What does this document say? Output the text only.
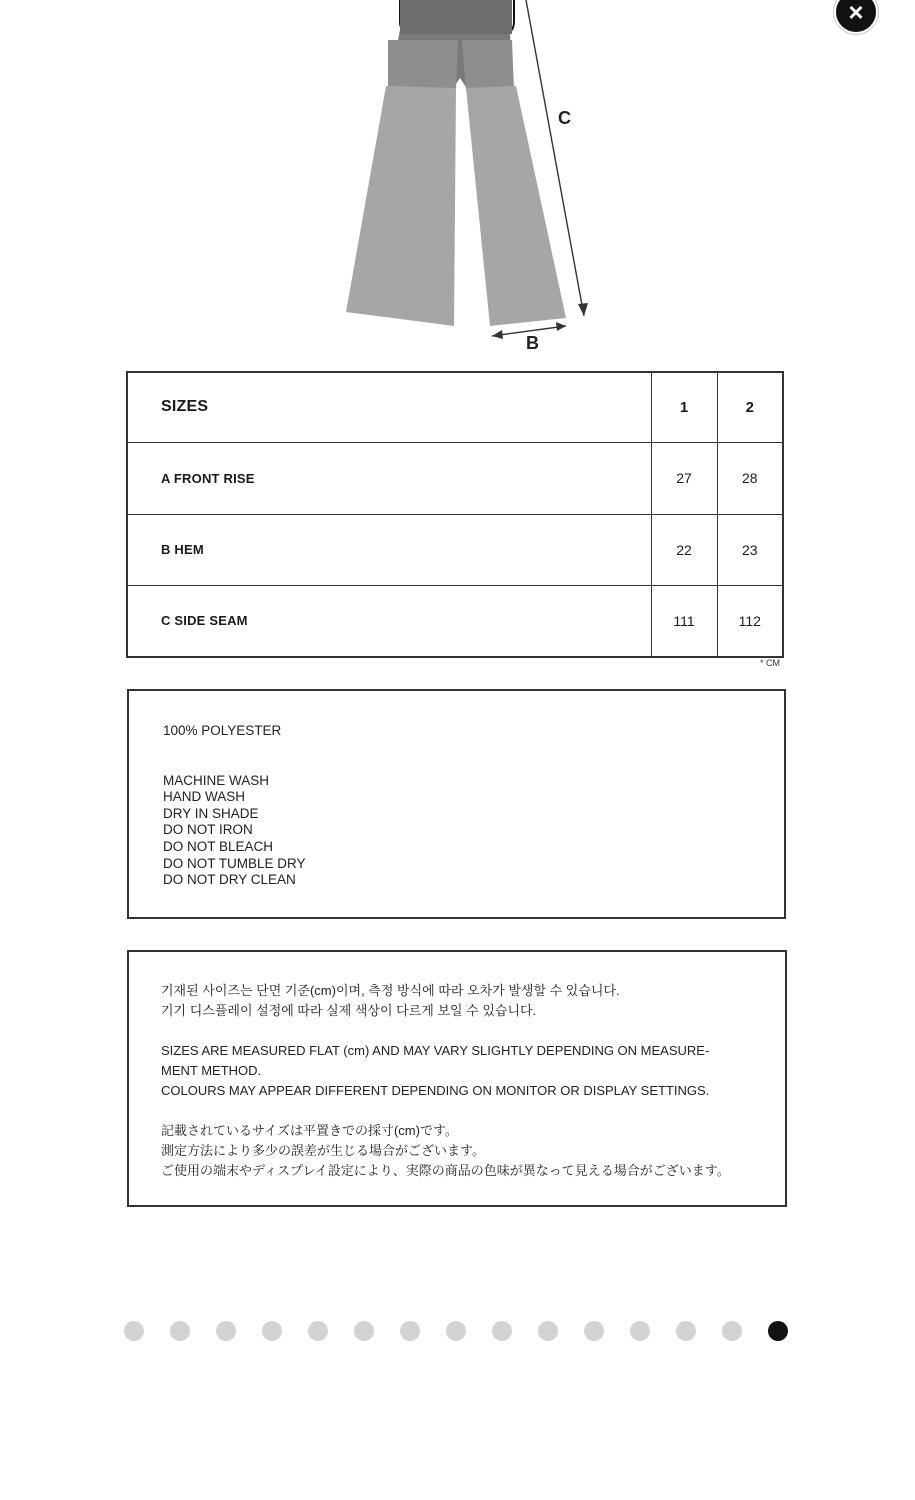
×
C
B
SIZES	1	2
A FRONT RISE	27	28
B HEM	22	23
C SIDE SEAM	111	112
* CM
100% POLYESTER
MACHINE WASH
HAND WASH
DRY IN SHADE
DO NOT IRON
DO NOT BLEACH
DO NOT TUMBLE DRY
DO NOT DRY CLEAN

기재된 사이즈는 단면 기준(cm)이며, 측정 방식에 따라 오차가 발생할 수 있습니다.
기기 디스플레이 설정에 따라 실제 색상이 다르게 보일 수 있습니다.

SIZES ARE MEASURED FLAT (cm) AND MAY VARY SLIGHTLY DEPENDING ON MEASURE-
MENT METHOD.
COLOURS MAY APPEAR DIFFERENT DEPENDING ON MONITOR OR DISPLAY SETTINGS.

記載されているサイズは平置きでの採寸(cm)です。
測定方法により多少の誤差が生じる場合がございます。
ご使用の端末やディスプレイ設定により、実際の商品の色味が異なって見える場合がございます。
